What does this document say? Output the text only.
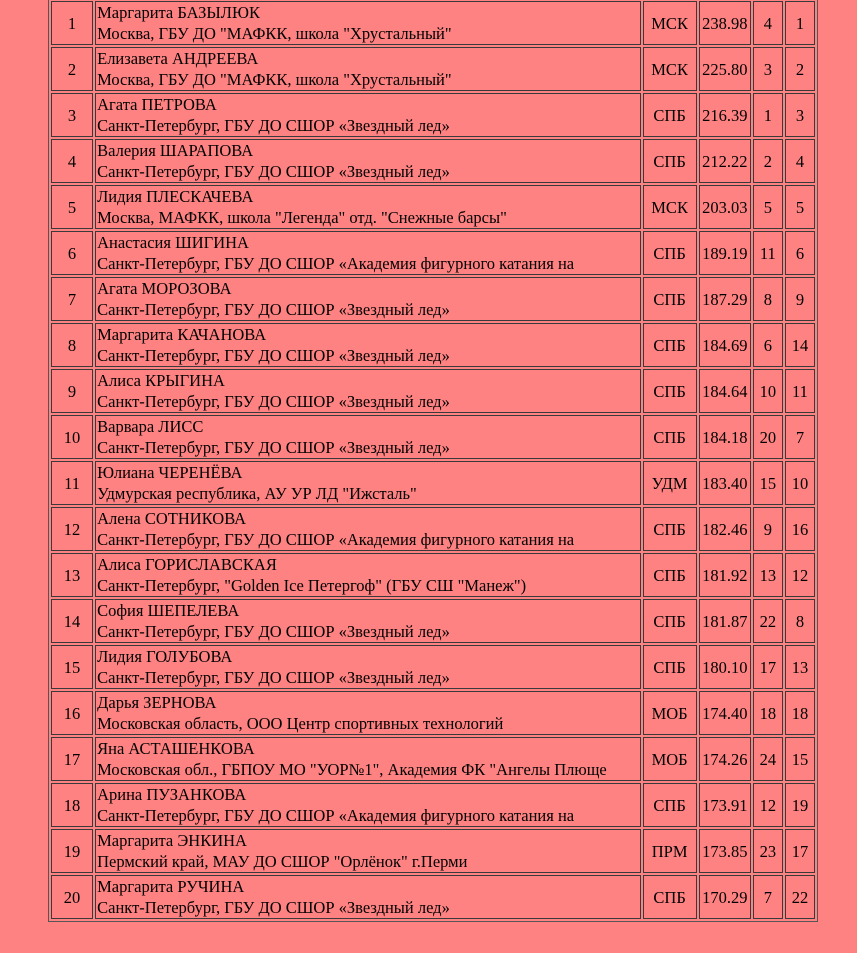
1	Маргарита БАЗЫЛЮК
Москва, ГБУ ДО "МАФКК, школа "Хрустальный"	МСК	238.98	4	1
2	Елизавета АНДРЕЕВА
Москва, ГБУ ДО "МАФКК, школа "Хрустальный"	МСК	225.80	3	2
3	Агата ПЕТРОВА
Санкт-Петербург, ГБУ ДО СШОР «Звездный лед»	СПБ	216.39	1	3
4	Валерия ШАРАПОВА
Санкт-Петербург, ГБУ ДО СШОР «Звездный лед»	СПБ	212.22	2	4
5	Лидия ПЛЕСКАЧЕВА
Москва, МАФКК, школа "Легенда" отд. "Снежные барсы"	МСК	203.03	5	5
6	Анастасия ШИГИНА
Санкт-Петербург, ГБУ ДО СШОР «Академия фигурного катания на	СПБ	189.19	11	6
7	Агата МОРОЗОВА
Санкт-Петербург, ГБУ ДО СШОР «Звездный лед»	СПБ	187.29	8	9
8	Маргарита КАЧАНОВА
Санкт-Петербург, ГБУ ДО СШОР «Звездный лед»	СПБ	184.69	6	14
9	Алиса КРЫГИНА
Санкт-Петербург, ГБУ ДО СШОР «Звездный лед»	СПБ	184.64	10	11
10	Варвара ЛИСС
Санкт-Петербург, ГБУ ДО СШОР «Звездный лед»	СПБ	184.18	20	7
11	Юлиана ЧЕРЕНЁВА
Удмурская республика, АУ УР ЛД "Ижсталь"	УДМ	183.40	15	10
12	Алена СОТНИКОВА
Санкт-Петербург, ГБУ ДО СШОР «Академия фигурного катания на	СПБ	182.46	9	16
13	Алиса ГОРИСЛАВСКАЯ
Санкт-Петербург, "Golden Ice Петергоф" (ГБУ СШ "Манеж")	СПБ	181.92	13	12
14	София ШЕПЕЛЕВА
Санкт-Петербург, ГБУ ДО СШОР «Звездный лед»	СПБ	181.87	22	8
15	Лидия ГОЛУБОВА
Санкт-Петербург, ГБУ ДО СШОР «Звездный лед»	СПБ	180.10	17	13
16	Дарья ЗЕРНОВА
Московская область, ООО Центр спортивных технологий	МОБ	174.40	18	18
17	Яна АСТАШЕНКОВА
Московская обл., ГБПОУ МО "УОР№1", Академия ФК "Ангелы Плюще	МОБ	174.26	24	15
18	Арина ПУЗАНКОВА
Санкт-Петербург, ГБУ ДО СШОР «Академия фигурного катания на	СПБ	173.91	12	19
19	Маргарита ЭНКИНА
Пермский край, МАУ ДО СШОР "Орлёнок" г.Перми	ПРМ	173.85	23	17
20	Маргарита РУЧИНА
Санкт-Петербург, ГБУ ДО СШОР «Звездный лед»	СПБ	170.29	7	22
